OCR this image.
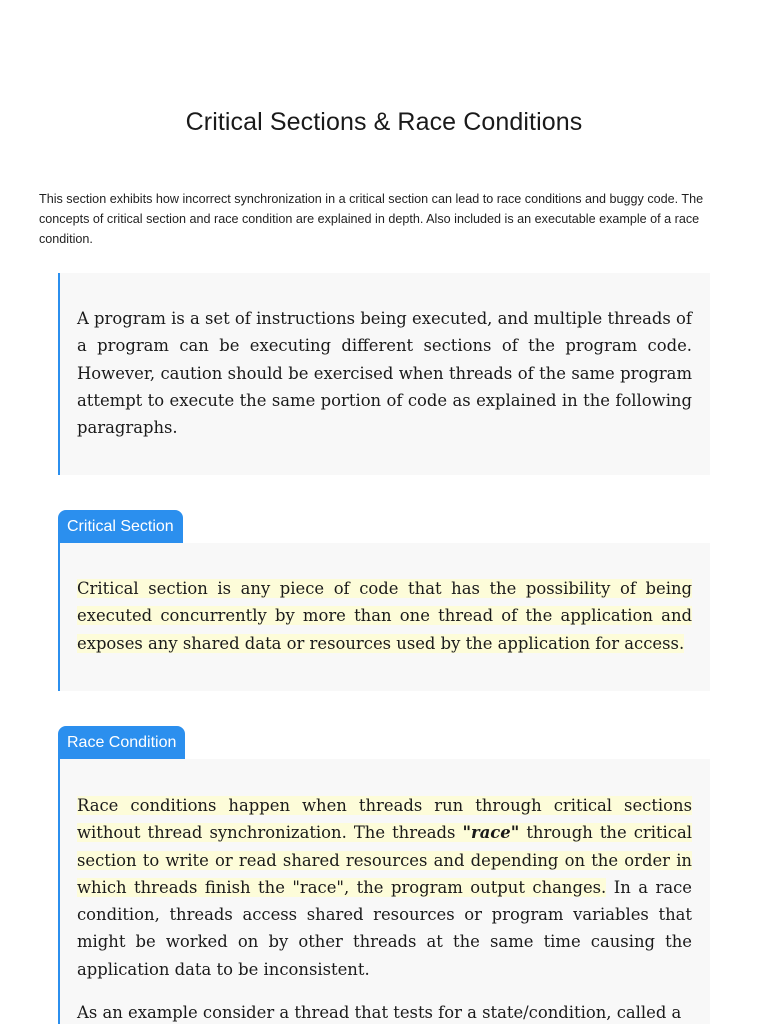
Critical Sections & Race Conditions

This section exhibits how incorrect synchronization in a critical section can lead to race conditions and buggy code. The concepts of critical section and race condition are explained in depth. Also included is an executable example of a race condition.

A program is a set of instructions being executed, and multiple threads of a program can be executing different sections of the program code. However, caution should be exercised when threads of the same program attempt to execute the same portion of code as explained in the following paragraphs.

Critical Section

Critical section is any piece of code that has the possibility of being executed concurrently by more than one thread of the application and exposes any shared data or resources used by the application for access.

Race Condition

Race conditions happen when threads run through critical sections without thread synchronization. The threads "race" through the critical section to write or read shared resources and depending on the order in which threads finish the "race", the program output changes. In a race condition, threads access shared resources or program variables that might be worked on by other threads at the same time causing the application data to be inconsistent.

As an example consider a thread that tests for a state/condition, called a
